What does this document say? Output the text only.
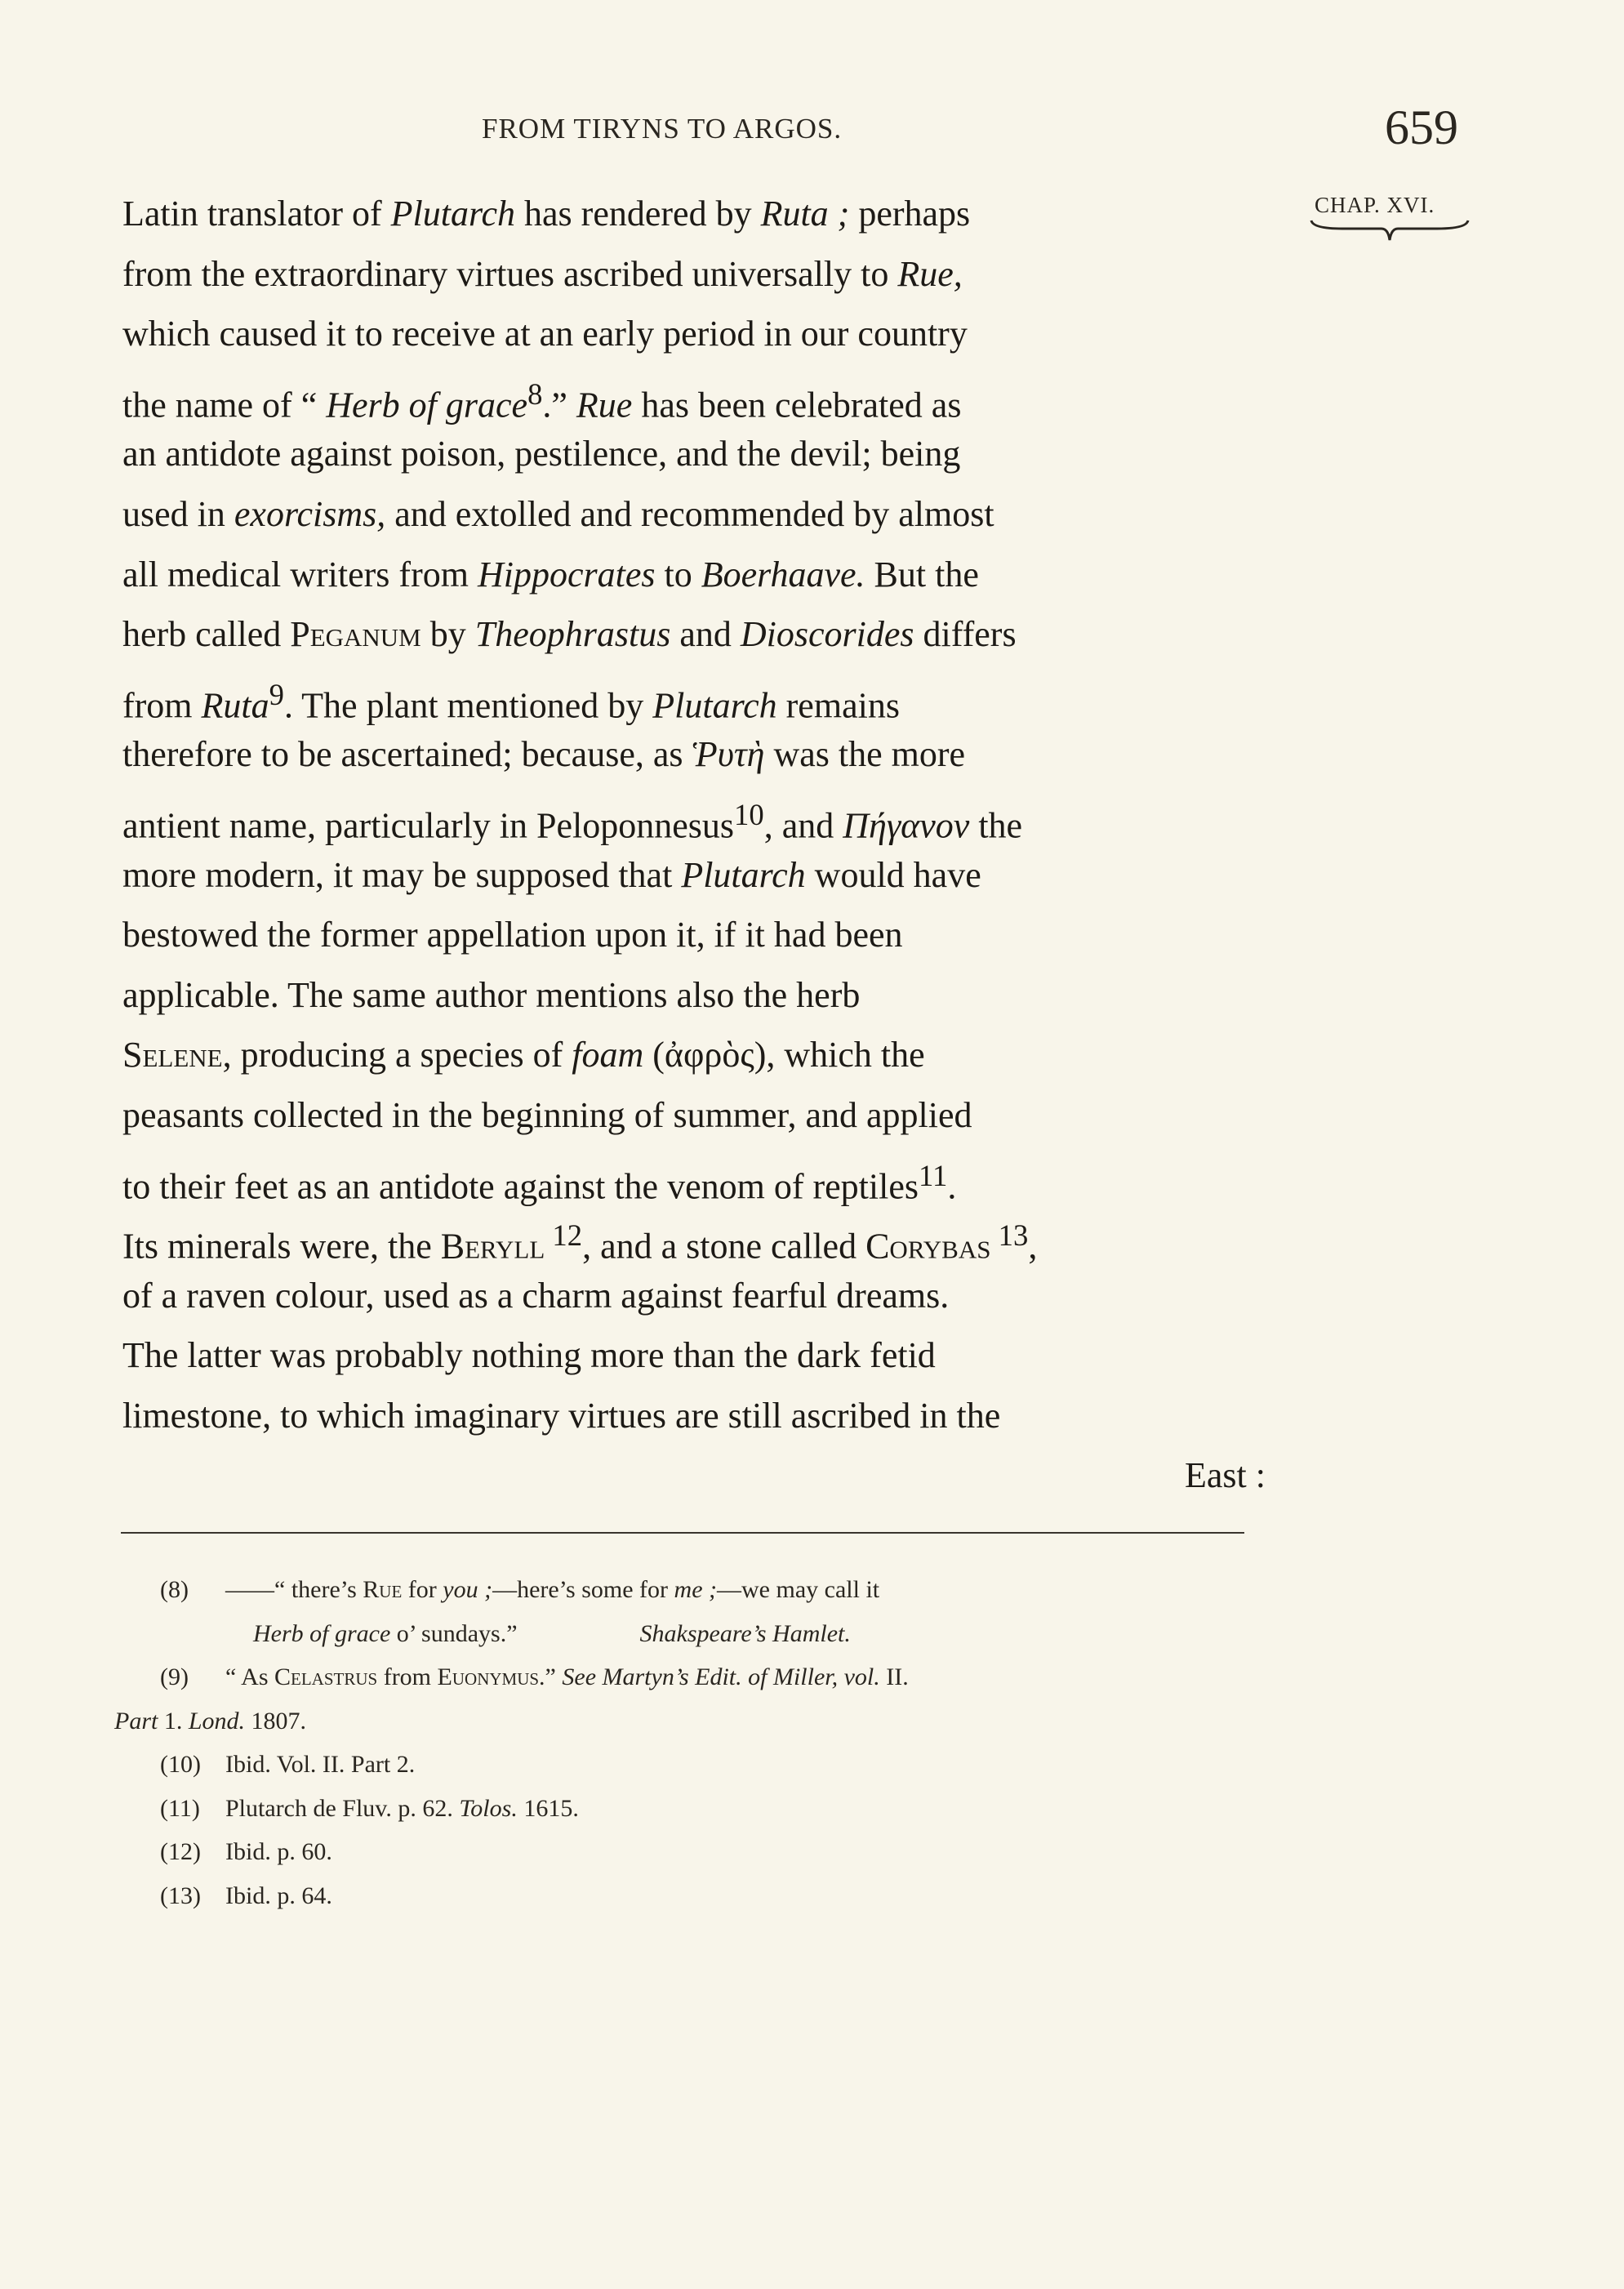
FROM TIRYNS TO ARGOS.	659
CHAP. XVI.
Latin translator of Plutarch has rendered by Ruta ; perhaps
from the extraordinary virtues ascribed universally to Rue,
which caused it to receive at an early period in our country
the name of “ Herb of grace$^8$.” Rue has been celebrated as
an antidote against poison, pestilence, and the devil; being
used in exorcisms, and extolled and recommended by almost
all medical writers from Hippocrates to Boerhaave. But the
herb called Peganum by Theophrastus and Dioscorides differs
from Ruta$^9$. The plant mentioned by Plutarch remains
therefore to be ascertained; because, as Ῥυτὴ was the more
antient name, particularly in Peloponnesus$^{10}$, and Πήγανον the
more modern, it may be supposed that Plutarch would have
bestowed the former appellation upon it, if it had been
applicable. The same author mentions also the herb
Selene, producing a species of foam (ἀφρὸς), which the
peasants collected in the beginning of summer, and applied
to their feet as an antidote against the venom of reptiles$^{11}$.
Its minerals were, the Beryll $^{12}$, and a stone called Corybas $^{13}$,
of a raven colour, used as a charm against fearful dreams.
The latter was probably nothing more than the dark fetid
limestone, to which imaginary virtues are still ascribed in the
East :
(8) ——“ there’s Rue for you ;—here’s some for me ;—we may call it
Herb of grace o’ sundays.”	Shakspeare’s Hamlet.
(9) “ As Celastrus from Euonymus.” See Martyn’s Edit. of Miller, vol. II.
Part 1. Lond. 1807.
(10) Ibid. Vol. II. Part 2.
(11) Plutarch de Fluv. p. 62. Tolos. 1615.
(12) Ibid. p. 60.
(13) Ibid. p. 64.
